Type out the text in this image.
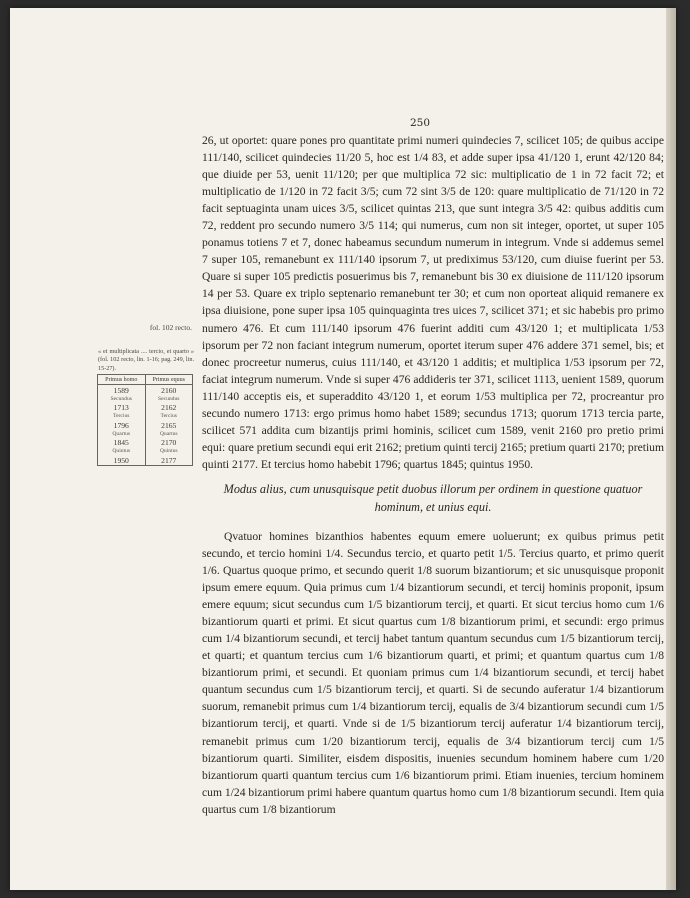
250
fol. 102 recto.
« et multiplicata .... tercio, et quarto » (fol. 102 recto, lin. 1-16; pag. 249, lin. 15-27).
Primus homo	Primus equus
1589	2160
Secundus	Secundus
1713	2162
Tercius	Tercius
1796	2165
Quartus	Quartus
1845	2170
Quintus	Quintus
1950	2177

26, ut oportet: quare pones pro quantitate primi numeri quindecies 7, scilicet 105; de quibus accipe 111/140, scilicet quindecies 11/20 5, hoc est 1/4 83, et adde super ipsa 41/120 1, erunt 42/120 84; que diuide per 53, uenit 11/120; per que multiplica 72 sic: multiplicatio de 1 in 72 facit 72; et multiplicatio de 1/120 in 72 facit 3/5; cum 72 sint 3/5 de 120: quare multiplicatio de 71/120 in 72 facit septuaginta unam uices 3/5, scilicet quintas 213, que sunt integra 3/5 42: quibus additis cum 72, reddent pro secundo numero 3/5 114; qui numerus, cum non sit integer, oportet, ut super 105 ponamus totiens 7 et 7, donec habeamus secundum numerum in integrum. Vnde si addemus semel 7 super 105, remanebunt ex 111/140 ipsorum 7, ut prediximus 53/120, cum diuise fuerint per 53. Quare si super 105 predictis posuerimus bis 7, remanebunt bis 30 ex diuisione de 111/120 ipsorum 14 per 53. Quare ex triplo septenario remanebunt ter 30; et cum non oporteat aliquid remanere ex ipsa diuisione, pone super ipsa 105 quinquaginta tres uices 7, scilicet 371; et sic habebis pro primo numero 476. Et cum 111/140 ipsorum 476 fuerint additi cum 43/120 1; et multiplicata 1/53 ipsorum per 72 non faciant integrum numerum, oportet iterum super 476 addere 371 semel, bis; et donec procreetur numerus, cuius 111/140, et 43/120 1 additis; et multiplica 1/53 ipsorum per 72, faciat integrum numerum. Vnde si super 476 addideris ter 371, scilicet 1113, uenient 1589, quorum 111/140 acceptis eis, et superaddito 43/120 1, et eorum 1/53 multiplica per 72, procreantur pro secundo numero 1713: ergo primus homo habet 1589; secundus 1713; quorum 1713 tercia parte, scilicet 571 addita cum bizantijs primi hominis, scilicet cum 1589, venit 2160 pro pretio primi equi: quare pretium secundi equi erit 2162; pretium quinti tercij 2165; pretium quarti 2170; pretium quinti 2177. Et tercius homo habebit 1796; quartus 1845; quintus 1950.

Modus alius, cum unusquisque petit duobus illorum per ordinem in questione quatuor hominum, et unius equi.

Qvatuor homines bizanthios habentes equum emere uoluerunt; ex quibus primus petit secundo, et tercio homini 1/4. Secundus tercio, et quarto petit 1/5. Tercius quarto, et primo querit 1/6. Quartus quoque primo, et secundo querit 1/8 suorum bizantiorum; et sic unusquisque proponit ipsum emere equum. Quia primus cum 1/4 bizantiorum secundi, et tercij hominis proponit, ipsum emere equum; sicut secundus cum 1/5 bizantiorum tercij, et quarti. Et sicut tercius homo cum 1/6 bizantiorum quarti et primi. Et sicut quartus cum 1/8 bizantiorum primi, et secundi: ergo primus cum 1/4 bizantiorum secundi, et tercij habet tantum quantum secundus cum 1/5 bizantiorum tercij, et quarti; et quantum tercius cum 1/6 bizantiorum quarti, et primi; et quantum quartus cum 1/8 bizantiorum primi, et secundi. Et quoniam primus cum 1/4 bizantiorum secundi, et tercij habet quantum secundus cum 1/5 bizantiorum tercij, et quarti. Si de secundo auferatur 1/4 bizantiorum suorum, remanebit primus cum 1/4 bizantiorum tercij, equalis de 3/4 bizantiorum secundi cum 1/5 bizantiorum tercij, et quarti. Vnde si de 1/5 bizantiorum tercij auferatur 1/4 bizantiorum tercij, remanebit primus cum 1/20 bizantiorum tercij, equalis de 3/4 bizantiorum tercij cum 1/5 bizantiorum quarti. Similiter, eisdem dispositis, inuenies secundum hominem habere cum 1/20 bizantiorum quarti quantum tercius cum 1/6 bizantiorum primi. Etiam inuenies, tercium hominem cum 1/24 bizantiorum primi habere quantum quartus homo cum 1/8 bizantiorum secundi. Item quia quartus cum 1/8 bizantiorum
